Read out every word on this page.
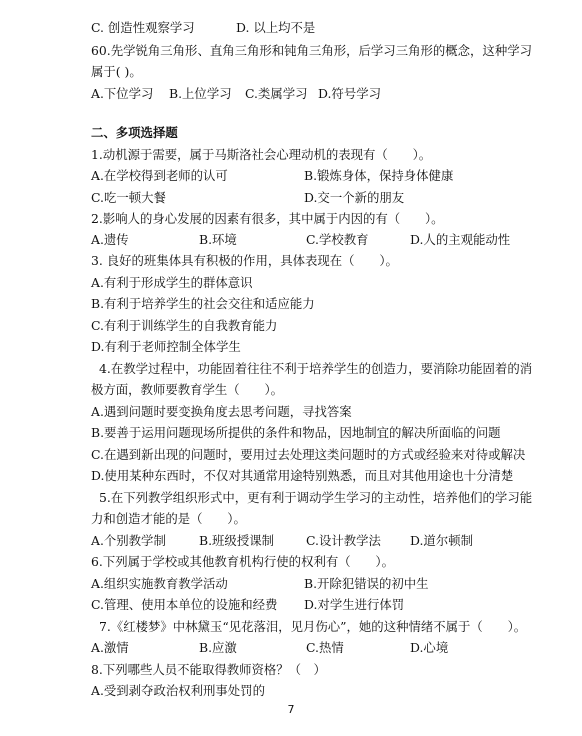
C. 创造性观察学习	D. 以上均不是
60.先学锐角三角形、直角三角形和钝角三角形，后学习三角形的概念，这种学习
属于( )。
A.下位学习 B.上位学习 C.类属学习 D.符号学习
二、多项选择题
1.动机源于需要，属于马斯洛社会心理动机的表现有（　　）。
A.在学校得到老师的认可	B.锻炼身体，保持身体健康
C.吃一顿大餐	D.交一个新的朋友
2.影响人的身心发展的因素有很多，其中属于内因的有（　　）。
A.遗传	B.环境	C.学校教育	D.人的主观能动性
3. 良好的班集体具有积极的作用，具体表现在（　　）。
A.有利于形成学生的群体意识
B.有利于培养学生的社会交往和适应能力
C.有利于训练学生的自我教育能力
D.有利于老师控制全体学生
4.在教学过程中，功能固着往往不利于培养学生的创造力，要消除功能固着的消
极方面，教师要教育学生（　　）。
A.遇到问题时要变换角度去思考问题，寻找答案
B.要善于运用问题现场所提供的条件和物品，因地制宜的解决所面临的问题
C.在遇到新出现的问题时，要用过去处理这类问题时的方式或经验来对待或解决
D.使用某种东西时，不仅对其通常用途特别熟悉，而且对其他用途也十分清楚
5.在下列教学组织形式中，更有利于调动学生学习的主动性，培养他们的学习能
力和创造才能的是（　　）。
A.个别教学制	B.班级授课制	C.设计教学法 D.道尔顿制
6.下列属于学校或其他教育机构行使的权利有（　　）。
A.组织实施教育教学活动	B.开除犯错误的初中生
C.管理、使用本单位的设施和经费 D.对学生进行体罚
7.《红楼梦》中林黛玉“见花落泪，见月伤心”，她的这种情绪不属于（　　）。
A.激情	B.应激	C.热情	D.心境
8.下列哪些人员不能取得教师资格？（　）
A.受到剥夺政治权利刑事处罚的
7
